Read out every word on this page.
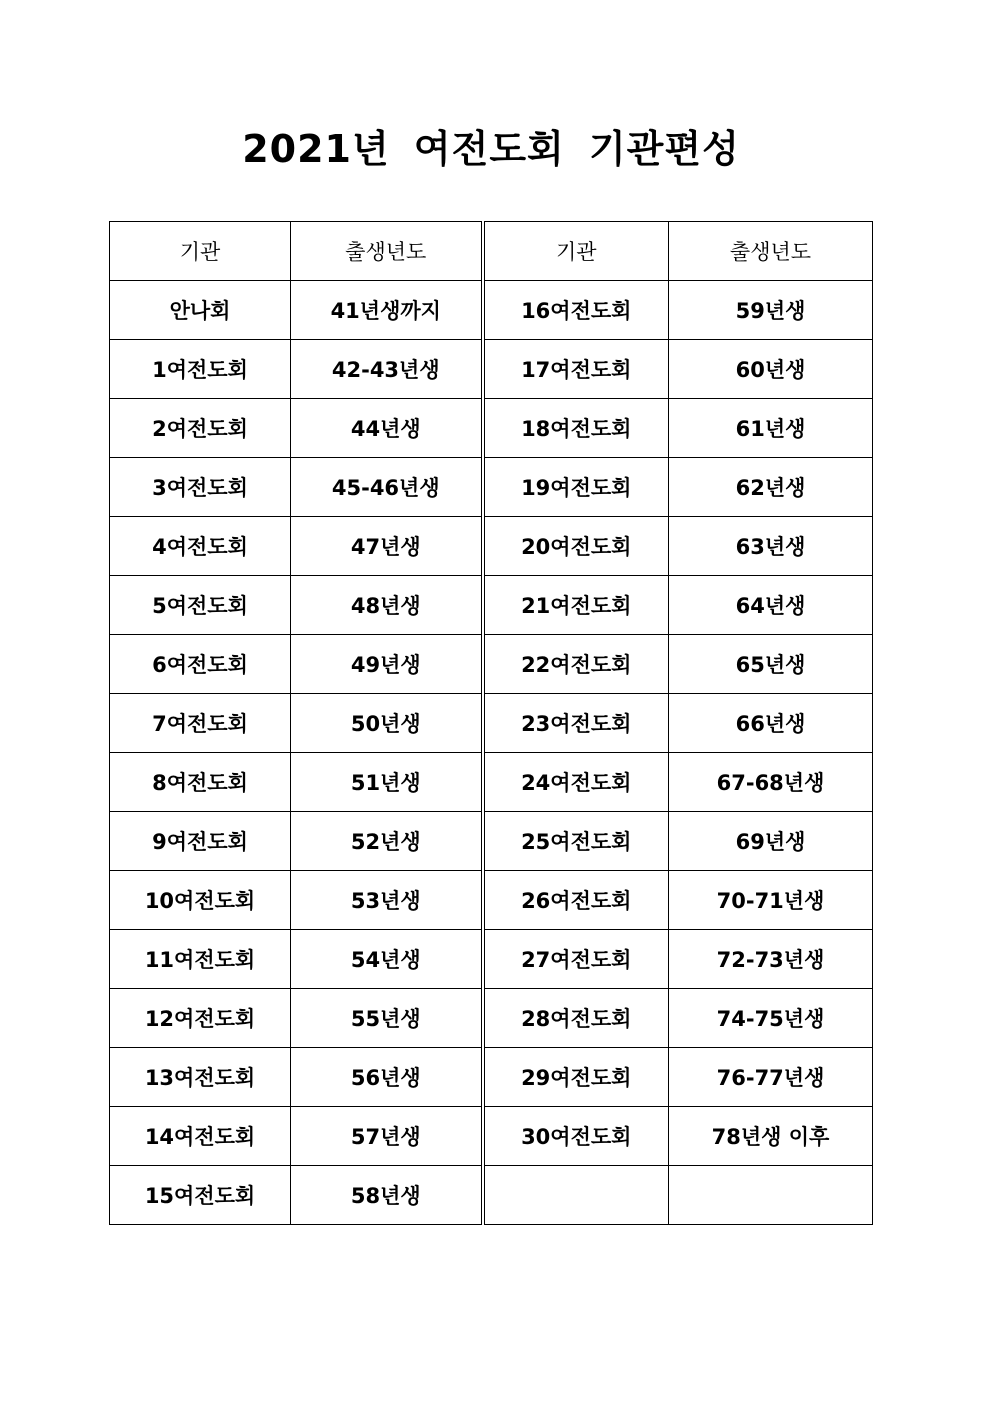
2021년 여전도회 기관편성
기관	출생년도	기관	출생년도
안나회	41년생까지	16여전도회	59년생
1여전도회	42-43년생	17여전도회	60년생
2여전도회	44년생	18여전도회	61년생
3여전도회	45-46년생	19여전도회	62년생
4여전도회	47년생	20여전도회	63년생
5여전도회	48년생	21여전도회	64년생
6여전도회	49년생	22여전도회	65년생
7여전도회	50년생	23여전도회	66년생
8여전도회	51년생	24여전도회	67-68년생
9여전도회	52년생	25여전도회	69년생
10여전도회	53년생	26여전도회	70-71년생
11여전도회	54년생	27여전도회	72-73년생
12여전도회	55년생	28여전도회	74-75년생
13여전도회	56년생	29여전도회	76-77년생
14여전도회	57년생	30여전도회	78년생 이후
15여전도회	58년생		
